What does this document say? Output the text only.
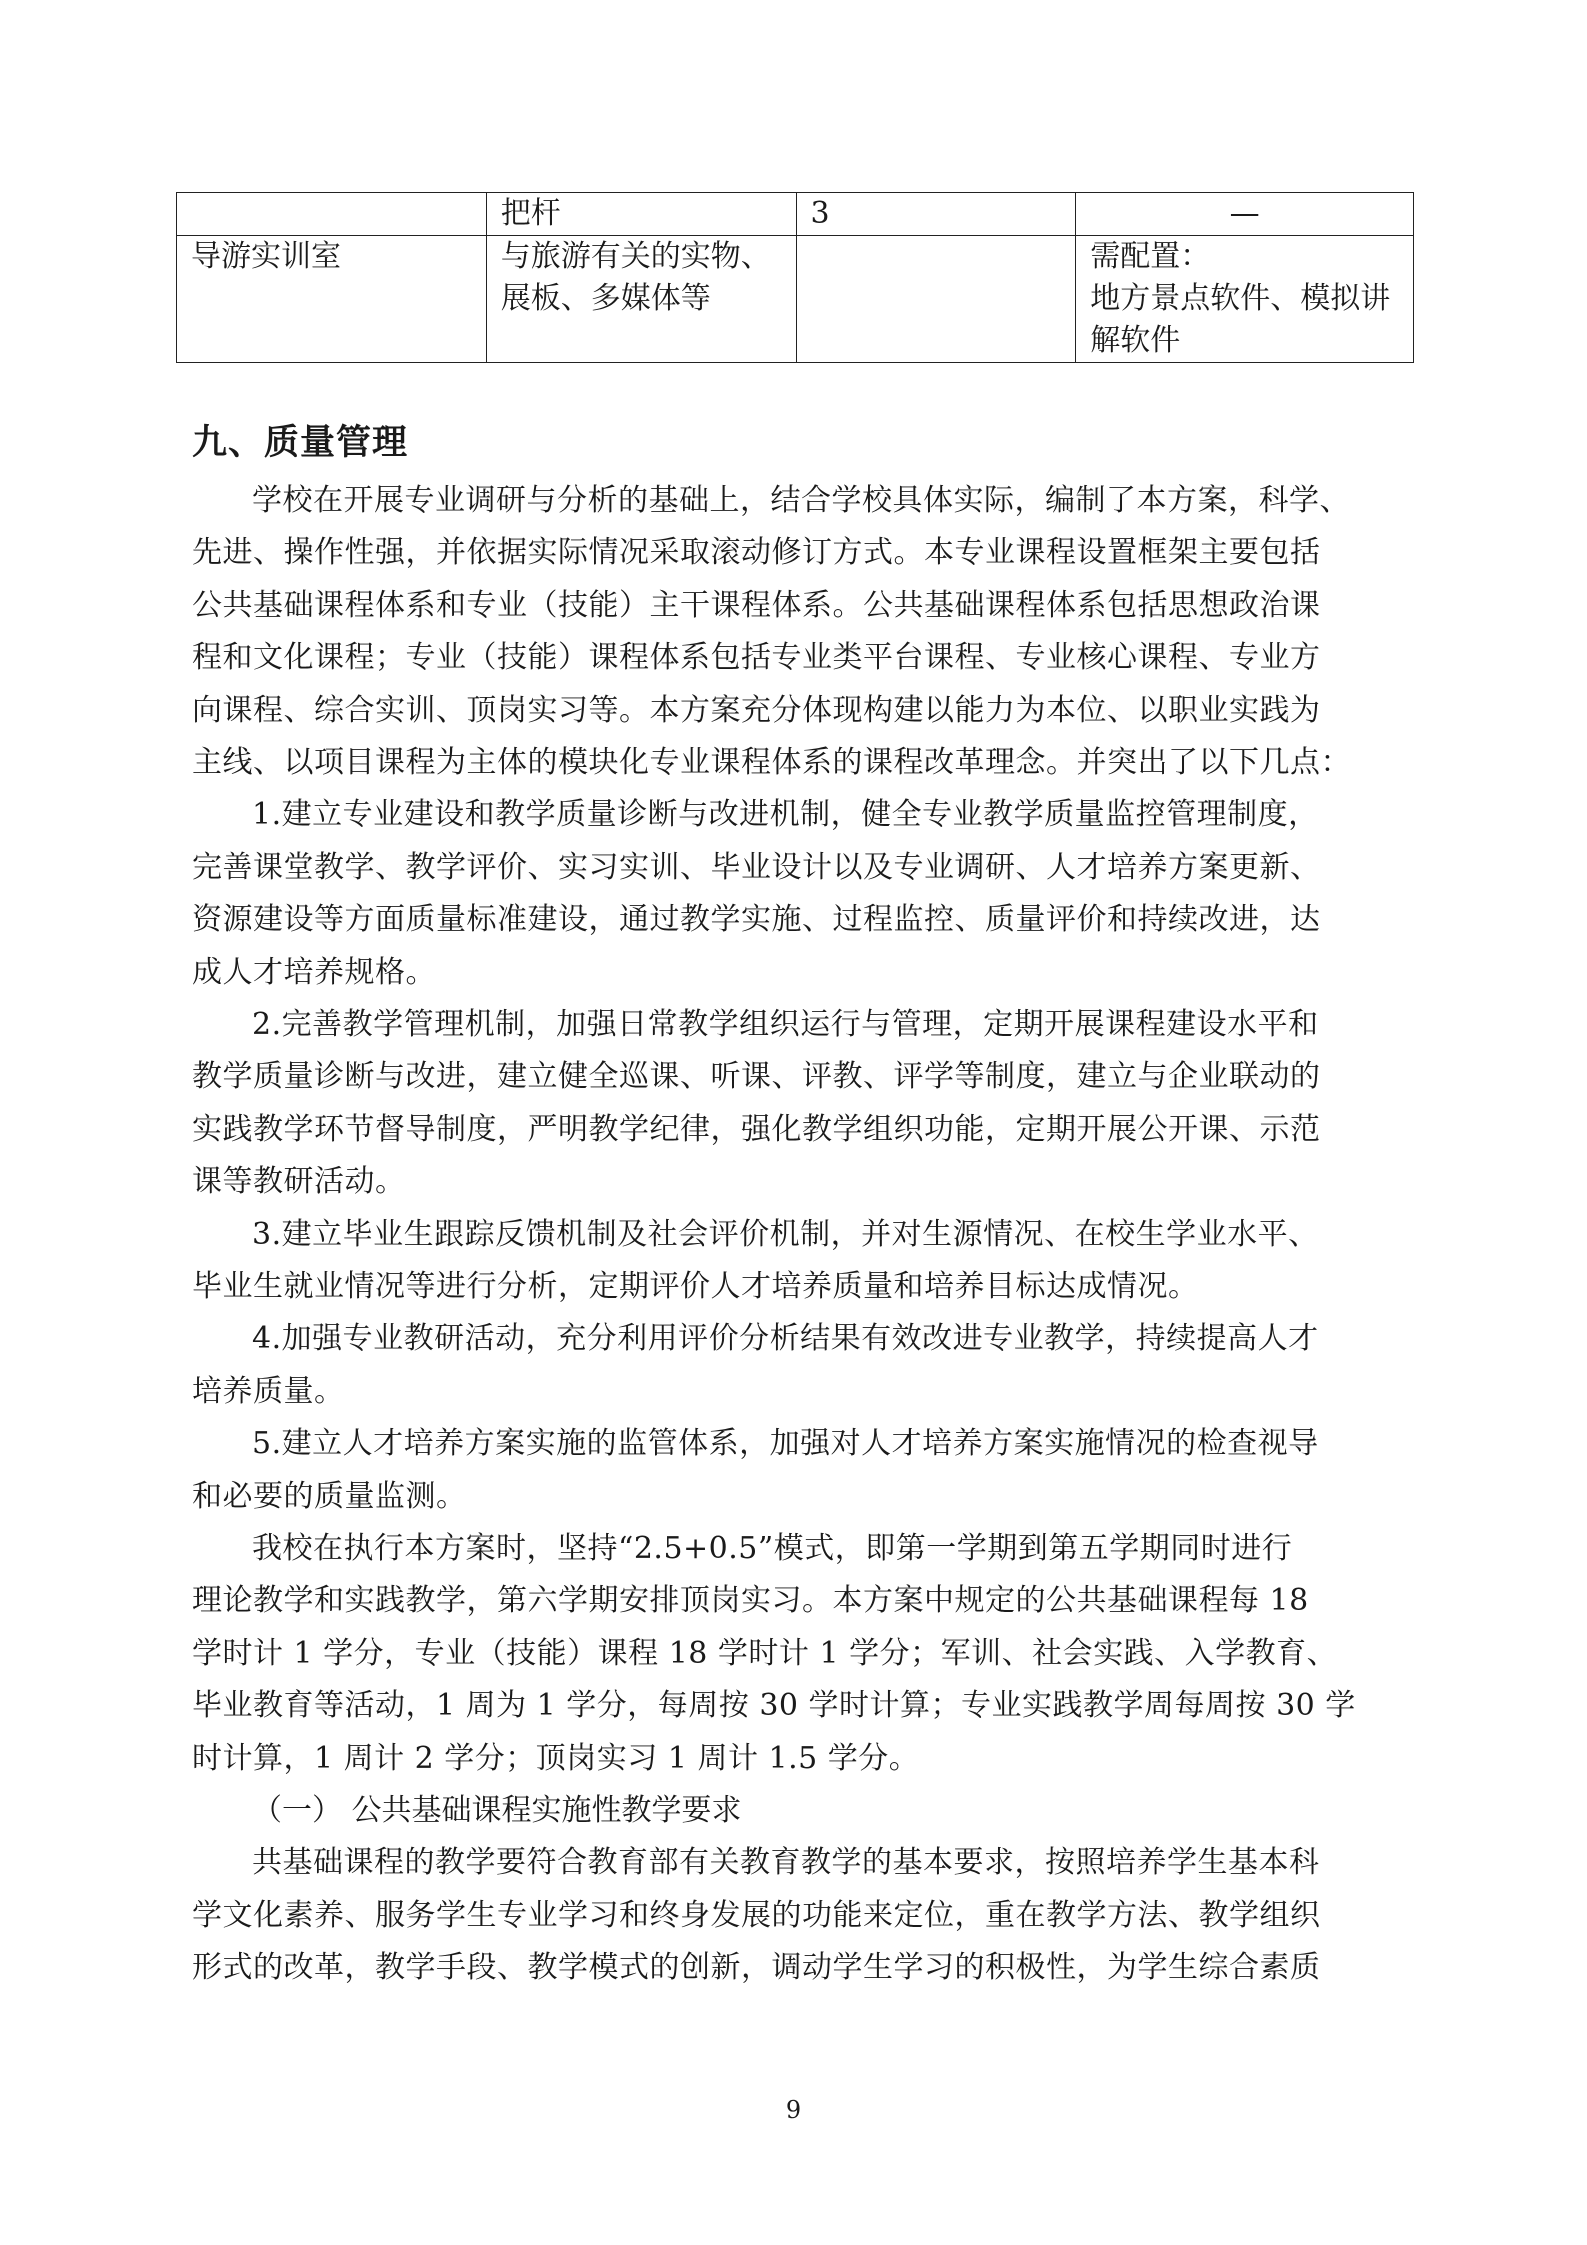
	把杆	3	—

导游实训室	与旅游有关的实物、
展板、多媒体等		需配置：
地方景点软件、模拟讲
解软件
九、质量管理
学校在开展专业调研与分析的基础上，结合学校具体实际，编制了本方案，科学、
先进、操作性强，并依据实际情况采取滚动修订方式。本专业课程设置框架主要包括
公共基础课程体系和专业（技能）主干课程体系。公共基础课程体系包括思想政治课
程和文化课程；专业（技能）课程体系包括专业类平台课程、专业核心课程、专业方
向课程、综合实训、顶岗实习等。本方案充分体现构建以能力为本位、以职业实践为
主线、以项目课程为主体的模块化专业课程体系的课程改革理念。并突出了以下几点：
1.建立专业建设和教学质量诊断与改进机制，健全专业教学质量监控管理制度，
完善课堂教学、教学评价、实习实训、毕业设计以及专业调研、人才培养方案更新、
资源建设等方面质量标准建设，通过教学实施、过程监控、质量评价和持续改进，达
成人才培养规格。
2.完善教学管理机制，加强日常教学组织运行与管理，定期开展课程建设水平和
教学质量诊断与改进，建立健全巡课、听课、评教、评学等制度，建立与企业联动的
实践教学环节督导制度，严明教学纪律，强化教学组织功能，定期开展公开课、示范
课等教研活动。
3.建立毕业生跟踪反馈机制及社会评价机制，并对生源情况、在校生学业水平、
毕业生就业情况等进行分析，定期评价人才培养质量和培养目标达成情况。
4.加强专业教研活动，充分利用评价分析结果有效改进专业教学，持续提高人才
培养质量。
5.建立人才培养方案实施的监管体系，加强对人才培养方案实施情况的检查视导
和必要的质量监测。
我校在执行本方案时，坚持“2.5+0.5”模式，即第一学期到第五学期同时进行
理论教学和实践教学，第六学期安排顶岗实习。本方案中规定的公共基础课程每 18
学时计 1 学分，专业（技能）课程 18 学时计 1 学分；军训、社会实践、入学教育、
毕业教育等活动，1 周为 1 学分，每周按 30 学时计算；专业实践教学周每周按 30 学
时计算，1 周计 2 学分；顶岗实习 1 周计 1.5 学分。
（一） 公共基础课程实施性教学要求
共基础课程的教学要符合教育部有关教育教学的基本要求，按照培养学生基本科
学文化素养、服务学生专业学习和终身发展的功能来定位，重在教学方法、教学组织
形式的改革，教学手段、教学模式的创新，调动学生学习的积极性，为学生综合素质
9
